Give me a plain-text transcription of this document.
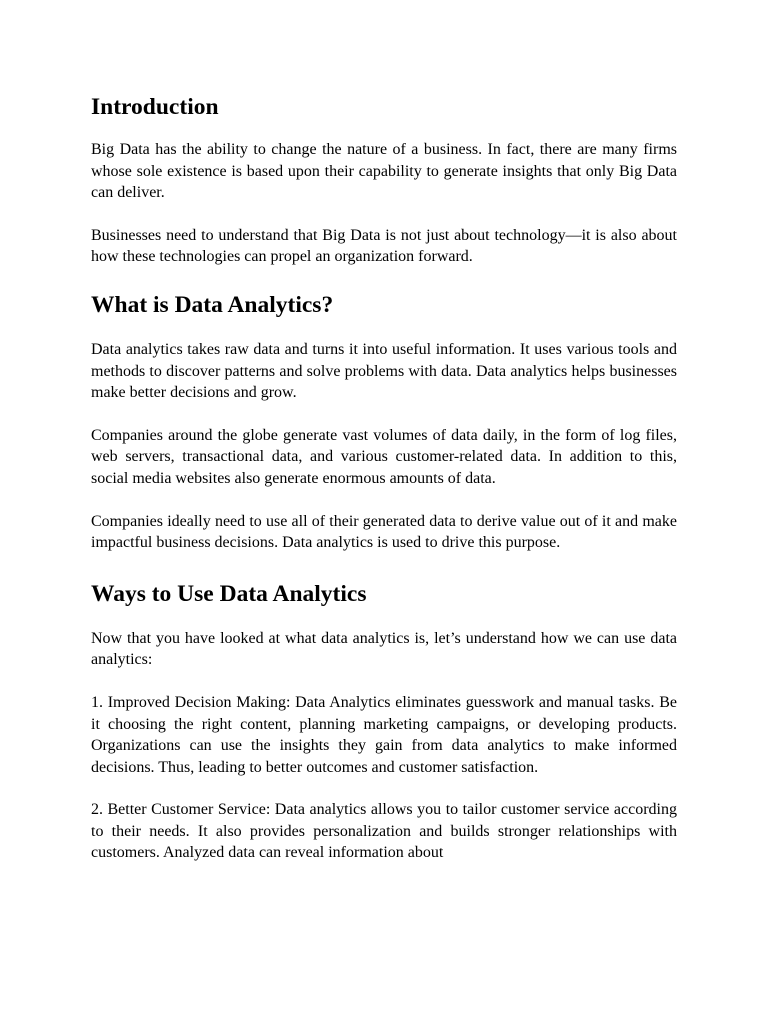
Introduction

Big Data has the ability to change the nature of a business. In fact, there are many firms whose sole existence is based upon their capability to generate insights that only Big Data can deliver.

Businesses need to understand that Big Data is not just about technology—it is also about how these technologies can propel an organization forward.

What is Data Analytics?

Data analytics takes raw data and turns it into useful information. It uses various tools and methods to discover patterns and solve problems with data. Data analytics helps businesses make better decisions and grow.

Companies around the globe generate vast volumes of data daily, in the form of log files, web servers, transactional data, and various customer-related data. In addition to this, social media websites also generate enormous amounts of data.

Companies ideally need to use all of their generated data to derive value out of it and make impactful business decisions. Data analytics is used to drive this purpose.

Ways to Use Data Analytics

Now that you have looked at what data analytics is, let’s understand how we can use data analytics:

1. Improved Decision Making: Data Analytics eliminates guesswork and manual tasks. Be it choosing the right content, planning marketing campaigns, or developing products. Organizations can use the insights they gain from data analytics to make informed decisions. Thus, leading to better outcomes and customer satisfaction.

2. Better Customer Service: Data analytics allows you to tailor customer service according to their needs. It also provides personalization and builds stronger relationships with customers. Analyzed data can reveal information about
